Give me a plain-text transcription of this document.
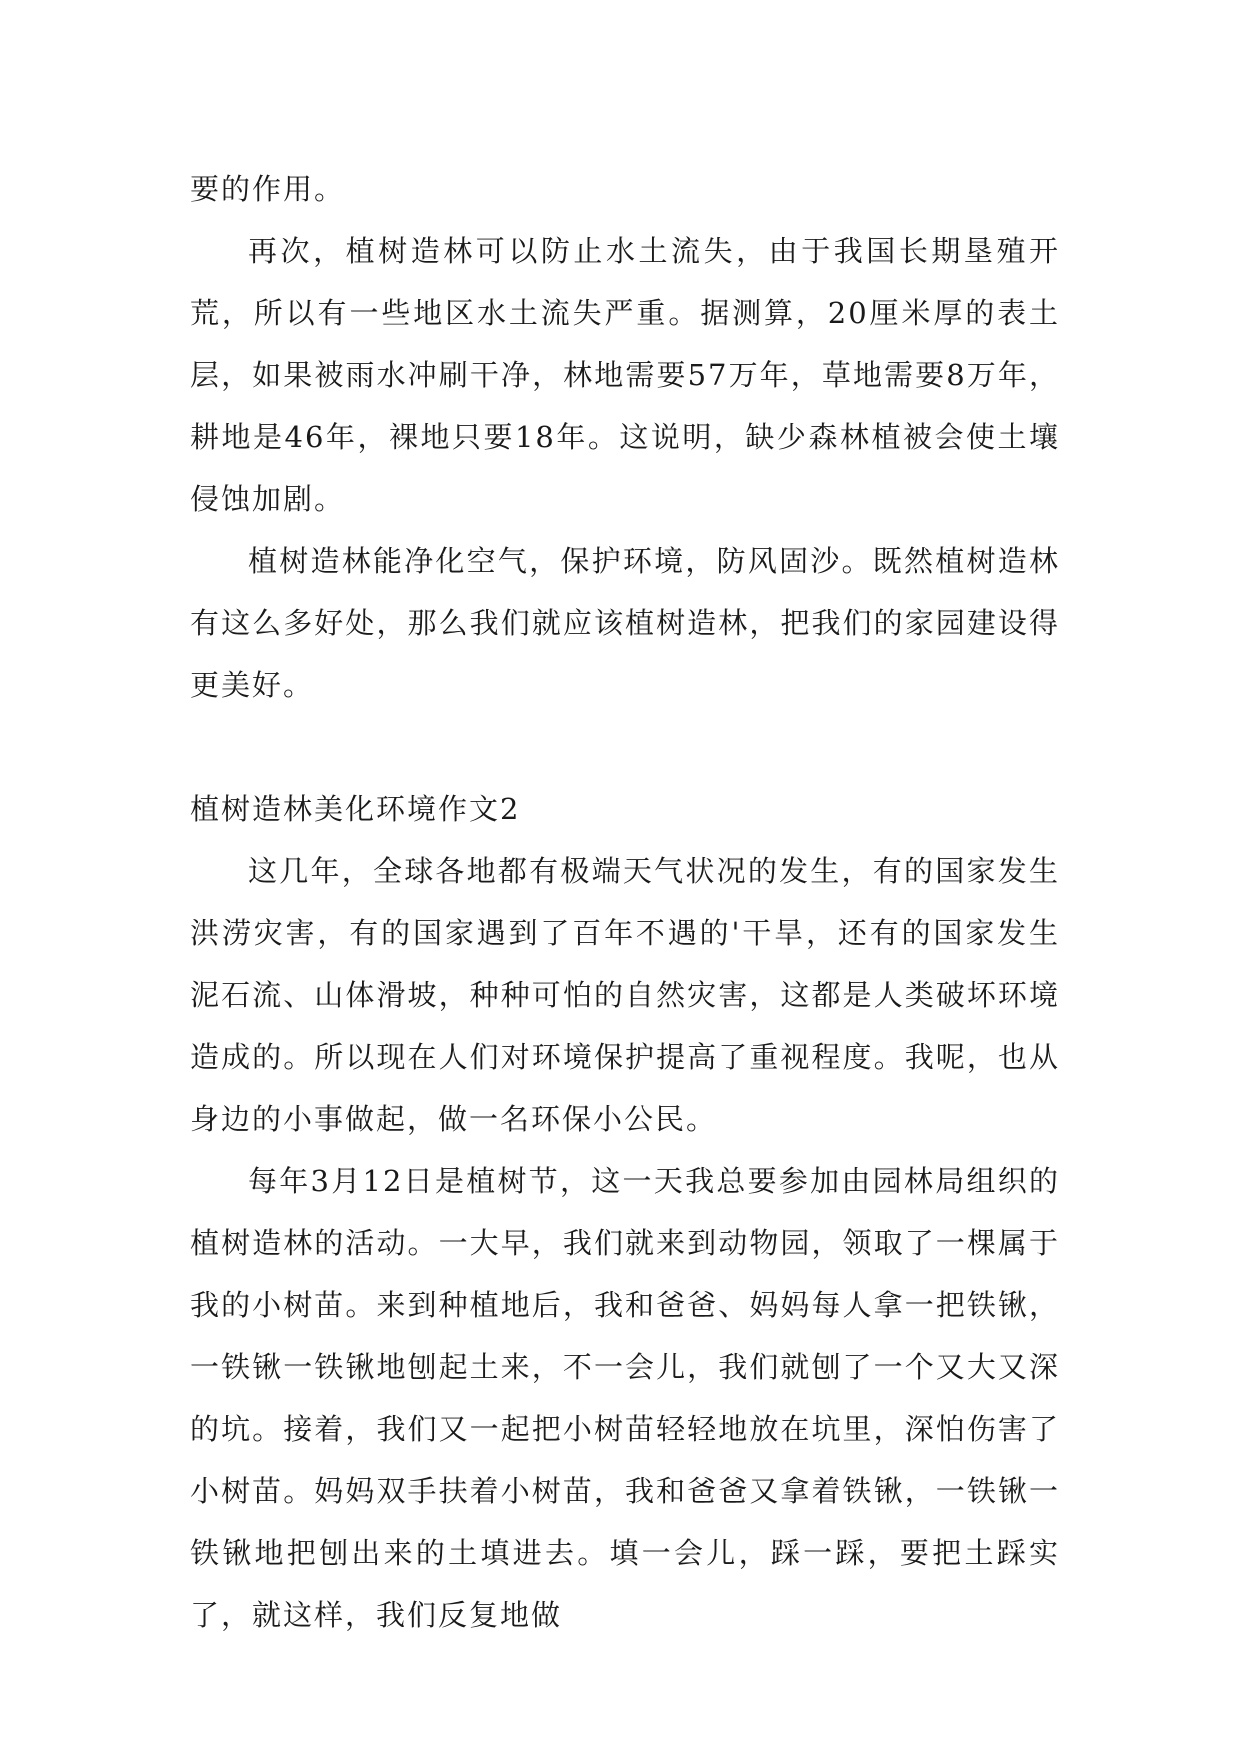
要的作用。

再次，植树造林可以防止水土流失，由于我国长期垦殖开荒，所以有一些地区水土流失严重。据测算，20厘米厚的表土层，如果被雨水冲刷干净，林地需要57万年，草地需要8万年，耕地是46年，裸地只要18年。这说明，缺少森林植被会使土壤侵蚀加剧。

植树造林能净化空气，保护环境，防风固沙。既然植树造林有这么多好处，那么我们就应该植树造林，把我们的家园建设得更美好。

植树造林美化环境作文2

这几年，全球各地都有极端天气状况的发生，有的国家发生洪涝灾害，有的国家遇到了百年不遇的'干旱，还有的国家发生泥石流、山体滑坡，种种可怕的自然灾害，这都是人类破坏环境造成的。所以现在人们对环境保护提高了重视程度。我呢，也从身边的小事做起，做一名环保小公民。

每年3月12日是植树节，这一天我总要参加由园林局组织的植树造林的活动。一大早，我们就来到动物园，领取了一棵属于我的小树苗。来到种植地后，我和爸爸、妈妈每人拿一把铁锹，一铁锹一铁锹地刨起土来，不一会儿，我们就刨了一个又大又深的坑。接着，我们又一起把小树苗轻轻地放在坑里，深怕伤害了小树苗。妈妈双手扶着小树苗，我和爸爸又拿着铁锹，一铁锹一铁锹地把刨出来的土填进去。填一会儿，踩一踩，要把土踩实了，就这样，我们反复地做
